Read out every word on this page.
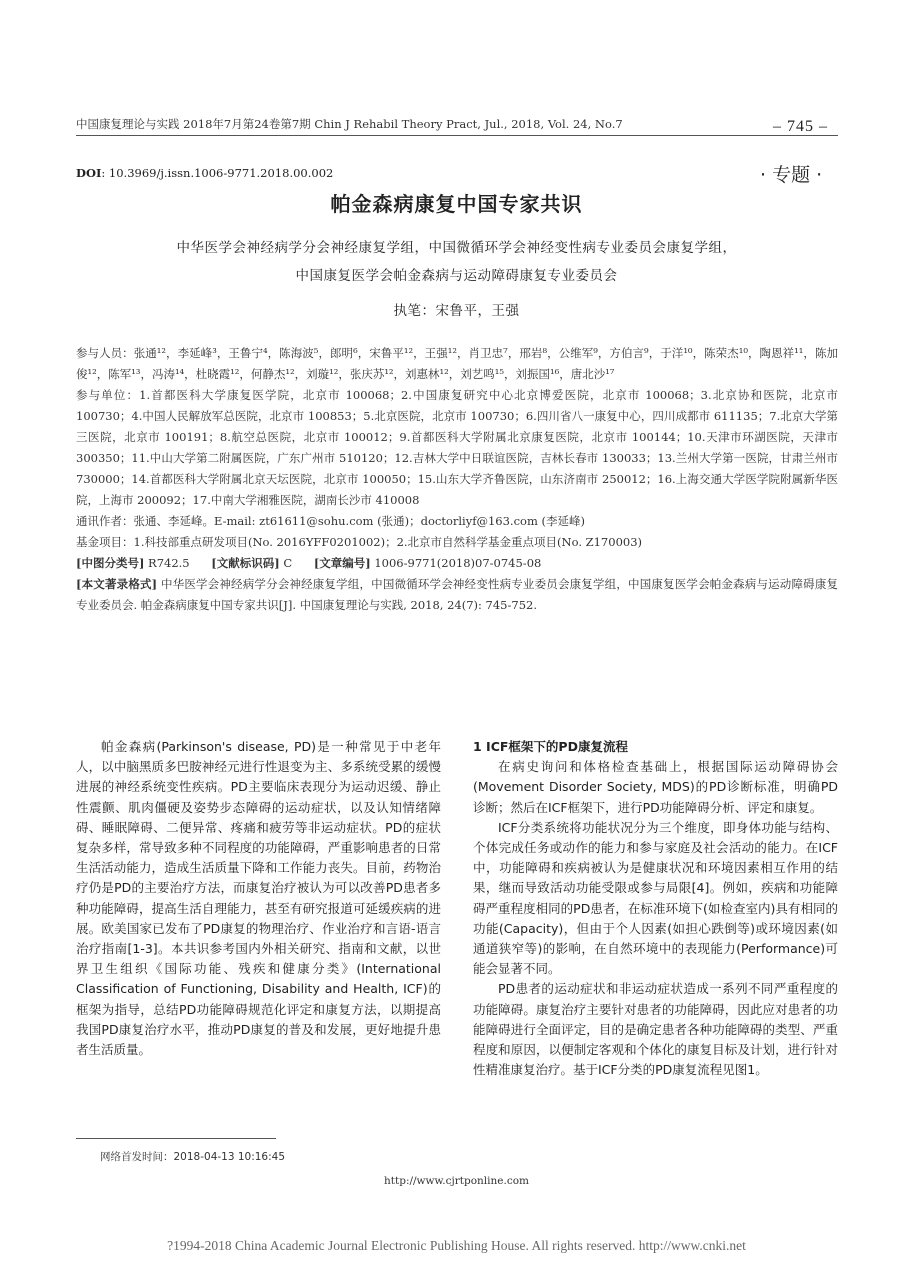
中国康复理论与实践 2018年7月第24卷第7期 Chin J Rehabil Theory Pract, Jul., 2018, Vol. 24, No.7	– 745 –
DOI: 10.3969/j.issn.1006-9771.2018.00.002	· 专题 ·
帕金森病康复中国专家共识
中华医学会神经病学分会神经康复学组，中国微循环学会神经变性病专业委员会康复学组，
中国康复医学会帕金森病与运动障碍康复专业委员会
执笔：宋鲁平，王强

参与人员：张通¹²，李延峰³，王鲁宁⁴，陈海波⁵，郎明⁶，宋鲁平¹²，王强¹²，肖卫忠⁷，邢岩⁸，公维军⁹，方伯言⁹，于洋¹⁰，陈荣杰¹⁰，陶恩祥¹¹，陈加俊¹²，陈军¹³，冯涛¹⁴，杜晓霞¹²，何静杰¹²，刘璇¹²，张庆苏¹²，刘惠林¹²，刘艺鸣¹⁵，刘振国¹⁶，唐北沙¹⁷

参与单位：1.首都医科大学康复医学院，北京市 100068；2.中国康复研究中心北京博爱医院，北京市 100068；3.北京协和医院，北京市 100730；4.中国人民解放军总医院，北京市 100853；5.北京医院，北京市 100730；6.四川省八一康复中心，四川成都市 611135；7.北京大学第三医院，北京市 100191；8.航空总医院，北京市 100012；9.首都医科大学附属北京康复医院，北京市 100144；10.天津市环湖医院，天津市 300350；11.中山大学第二附属医院，广东广州市 510120；12.吉林大学中日联谊医院，吉林长春市 130033；13.兰州大学第一医院，甘肃兰州市 730000；14.首都医科大学附属北京天坛医院，北京市 100050；15.山东大学齐鲁医院，山东济南市 250012；16.上海交通大学医学院附属新华医院，上海市 200092；17.中南大学湘雅医院，湖南长沙市 410008

通讯作者：张通、李延峰。E-mail: zt61611@sohu.com (张通)；doctorliyf@163.com (李延峰)

基金项目：1.科技部重点研发项目(No. 2016YFF0201002)；2.北京市自然科学基金重点项目(No. Z170003)

[中图分类号] R742.5 [文献标识码] C [文章编号] 1006-9771(2018)07-0745-08

[本文著录格式] 中华医学会神经病学分会神经康复学组，中国微循环学会神经变性病专业委员会康复学组，中国康复医学会帕金森病与运动障碍康复专业委员会. 帕金森病康复中国专家共识[J]. 中国康复理论与实践, 2018, 24(7): 745-752.

帕金森病(Parkinson's disease, PD)是一种常见于中老年人，以中脑黑质多巴胺神经元进行性退变为主、多系统受累的缓慢进展的神经系统变性疾病。PD主要临床表现分为运动迟缓、静止性震颤、肌肉僵硬及姿势步态障碍的运动症状，以及认知情绪障碍、睡眠障碍、二便异常、疼痛和疲劳等非运动症状。PD的症状复杂多样，常导致多种不同程度的功能障碍，严重影响患者的日常生活活动能力，造成生活质量下降和工作能力丧失。目前，药物治疗仍是PD的主要治疗方法，而康复治疗被认为可以改善PD患者多种功能障碍，提高生活自理能力，甚至有研究报道可延缓疾病的进展。欧美国家已发布了PD康复的物理治疗、作业治疗和言语-语言治疗指南[1-3]。本共识参考国内外相关研究、指南和文献，以世界卫生组织《国际功能、残疾和健康分类》(International Classification of Functioning, Disability and Health, ICF)的框架为指导，总结PD功能障碍规范化评定和康复方法，以期提高我国PD康复治疗水平，推动PD康复的普及和发展，更好地提升患者生活质量。

1 ICF框架下的PD康复流程

在病史询问和体格检查基础上，根据国际运动障碍协会(Movement Disorder Society, MDS)的PD诊断标准，明确PD诊断；然后在ICF框架下，进行PD功能障碍分析、评定和康复。

ICF分类系统将功能状况分为三个维度，即身体功能与结构、个体完成任务或动作的能力和参与家庭及社会活动的能力。在ICF中，功能障碍和疾病被认为是健康状况和环境因素相互作用的结果，继而导致活动功能受限或参与局限[4]。例如，疾病和功能障碍严重程度相同的PD患者，在标准环境下(如检查室内)具有相同的功能(Capacity)，但由于个人因素(如担心跌倒等)或环境因素(如通道狭窄等)的影响，在自然环境中的表现能力(Performance)可能会显著不同。

PD患者的运动症状和非运动症状造成一系列不同严重程度的功能障碍。康复治疗主要针对患者的功能障碍，因此应对患者的功能障碍进行全面评定，目的是确定患者各种功能障碍的类型、严重程度和原因，以便制定客观和个体化的康复目标及计划，进行针对性精准康复治疗。基于ICF分类的PD康复流程见图1。

网络首发时间：2018-04-13 10:16:45
http://www.cjrtponline.com
?1994-2018 China Academic Journal Electronic Publishing House. All rights reserved. http://www.cnki.net
